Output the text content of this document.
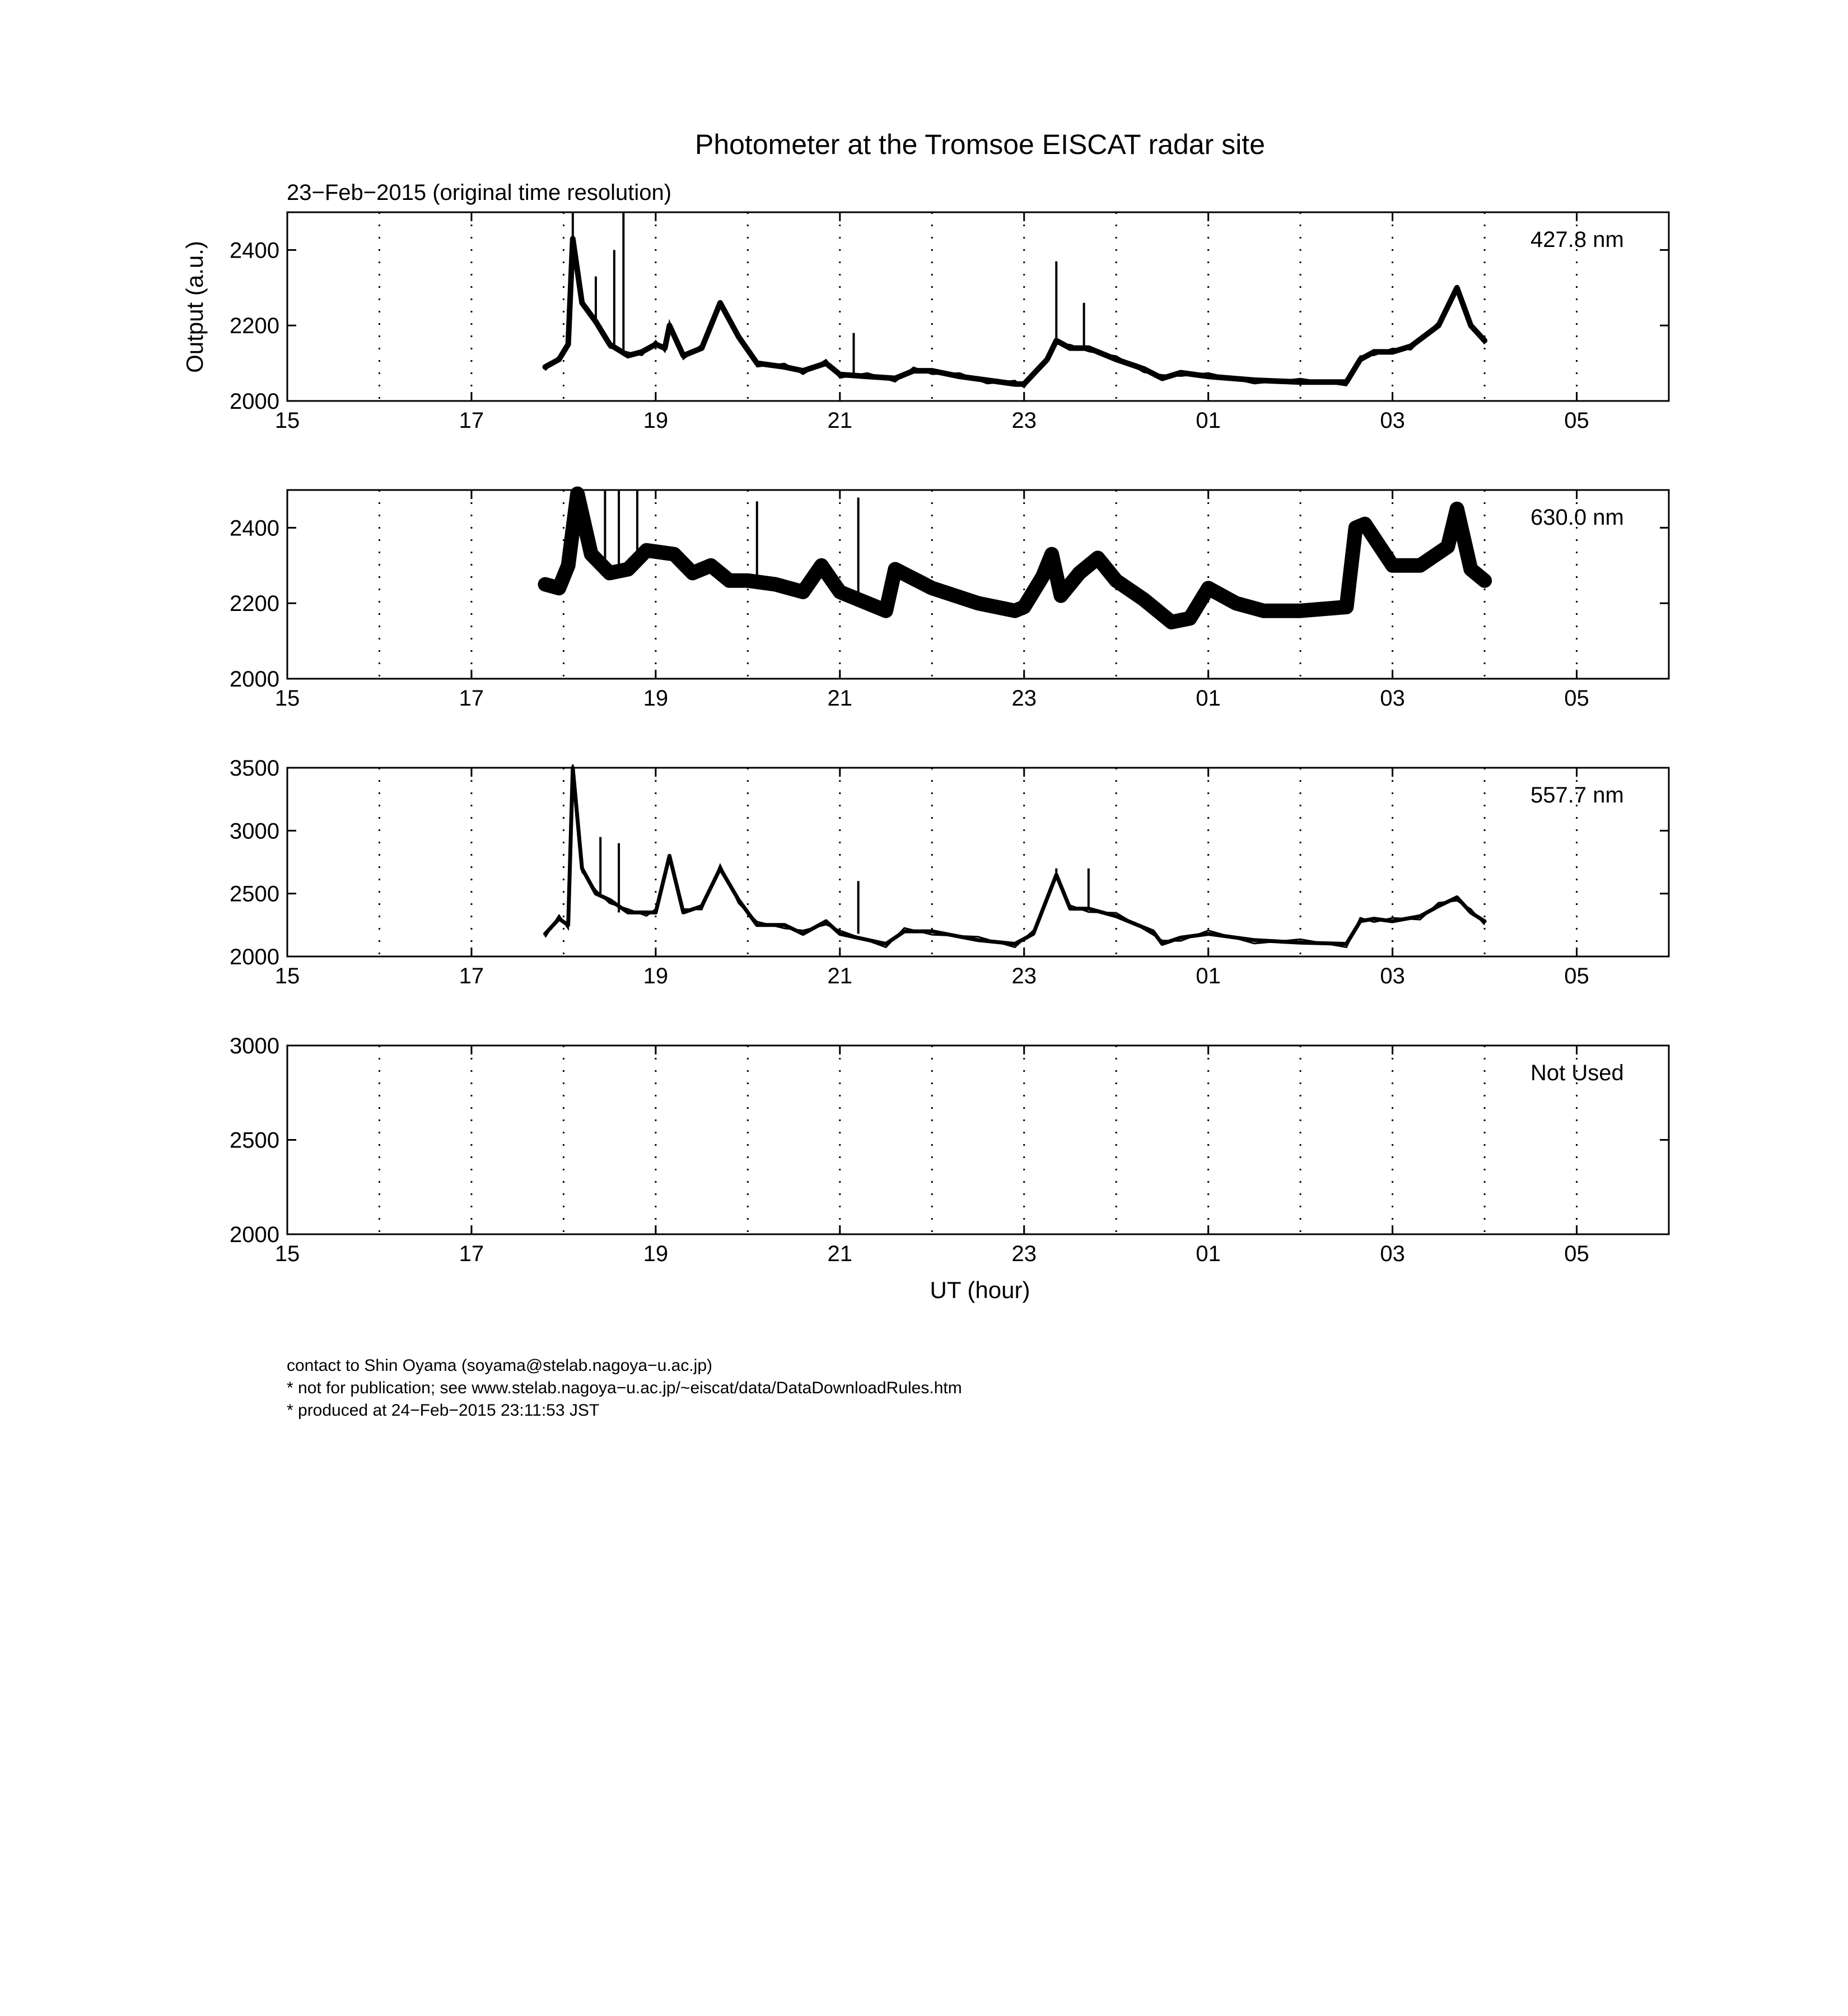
Photometer at the Tromsoe EISCAT radar site
23−Feb−2015 (original time resolution)
Output (a.u.)
15	17	19	21	23	01	03	05
2000
2200
2400	427.8 nm
15	17	19	21	23	01	03	05
2000
2200
2400	630.0 nm
15	17	19	21	23	01	03	05
2000
2500
3000
3500
557.7 nm
15	17	19	21	23	01	03	05
2000
2500
3000
Not Used
UT (hour)
contact to Shin Oyama (soyama@stelab.nagoya−u.ac.jp)
* not for publication; see www.stelab.nagoya−u.ac.jp/~eiscat/data/DataDownloadRules.htm
* produced at 24−Feb−2015 23:11:53 JST
